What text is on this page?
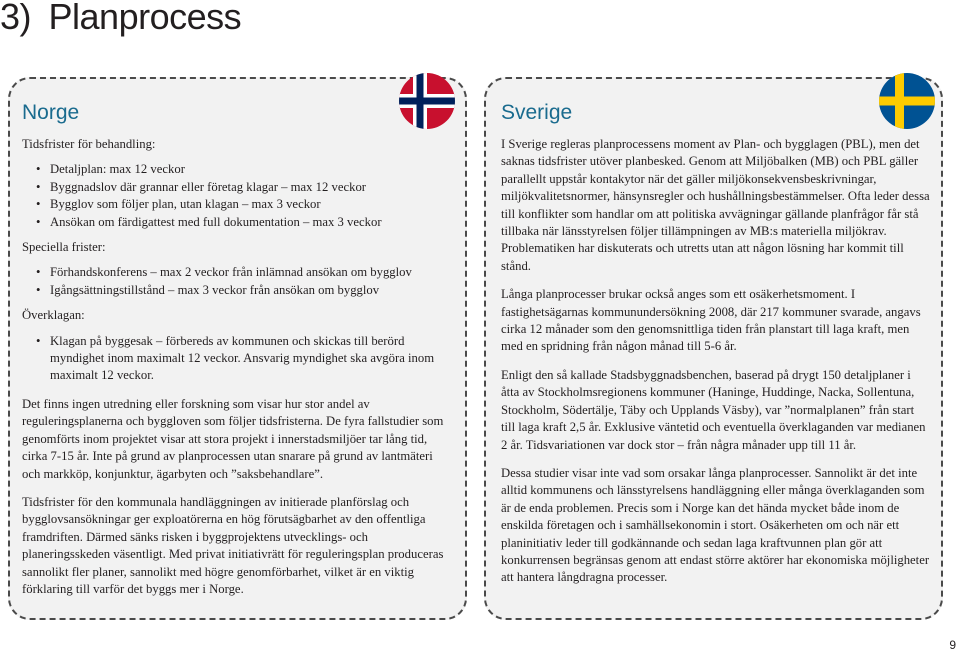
3) Planprocess
Norge

Tidsfrister för behandling:

• Detaljplan: max 12 veckor
• Byggnadslov där grannar eller företag klagar – max 12 veckor
• Bygglov som följer plan, utan klagan – max 3 veckor
• Ansökan om färdigattest med full dokumentation – max 3 veckor

Speciella frister:

• Förhandskonferens – max 2 veckor från inlämnad ansökan om bygglov
• Igångsättningstillstånd – max 3 veckor från ansökan om bygglov

Överklagan:

• Klagan på byggesak – förbereds av kommunen och skickas till berörd myndighet inom maximalt 12 veckor. Ansvarig myndighet ska avgöra inom maximalt 12 veckor.

Det finns ingen utredning eller forskning som visar hur stor andel av reguleringsplanerna och byggloven som följer tidsfristerna. De fyra fallstudier som genomförts inom projektet visar att stora projekt i innerstadsmiljöer tar lång tid, cirka 7-15 år. Inte på grund av planprocessen utan snarare på grund av lantmäteri och markköp, konjunktur, ägarbyten och ”saksbehandlare”.

Tidsfrister för den kommunala handläggningen av initierade planförslag och bygglovsansökningar ger exploatörerna en hög förutsägbarhet av den offentliga framdriften. Därmed sänks risken i byggprojektens utvecklings- och planeringsskeden väsentligt. Med privat initiativrätt för reguleringsplan produceras sannolikt fler planer, sannolikt med högre genomförbarhet, vilket är en viktig förklaring till varför det byggs mer i Norge.

Sverige

I Sverige regleras planprocessens moment av Plan- och bygglagen (PBL), men det saknas tidsfrister utöver planbesked. Genom att Miljöbalken (MB) och PBL gäller parallellt uppstår kontakytor när det gäller miljökonsekvensbeskrivningar, miljökvalitetsnormer, hänsynsregler och hushållningsbestämmelser. Ofta leder dessa till konflikter som handlar om att politiska avvägningar gällande planfrågor får stå tillbaka när länsstyrelsen följer tillämpningen av MB:s materiella miljökrav. Problematiken har diskuterats och utretts utan att någon lösning har kommit till stånd.

Långa planprocesser brukar också anges som ett osäkerhetsmoment. I fastighetsägarnas kommunundersökning 2008, där 217 kommuner svarade, angavs cirka 12 månader som den genomsnittliga tiden från planstart till laga kraft, men med en spridning från någon månad till 5-6 år.

Enligt den så kallade Stadsbyggnadsbenchen, baserad på drygt 150 detaljplaner i åtta av Stockholmsregionens kommuner (Haninge, Huddinge, Nacka, Sollentuna, Stockholm, Södertälje, Täby och Upplands Väsby), var ”normalplanen” från start till laga kraft 2,5 år. Exklusive väntetid och eventuella överklaganden var medianen 2 år. Tidsvariationen var dock stor – från några månader upp till 11 år.

Dessa studier visar inte vad som orsakar långa planprocesser. Sannolikt är det inte alltid kommunens och länsstyrelsens handläggning eller många överklaganden som är de enda problemen. Precis som i Norge kan det hända mycket både inom de enskilda företagen och i samhällsekonomin i stort. Osäkerheten om och när ett planinitiativ leder till godkännande och sedan laga kraftvunnen plan gör att konkurrensen begränsas genom att endast större aktörer har ekonomiska möjligheter att hantera långdragna processer.

9
